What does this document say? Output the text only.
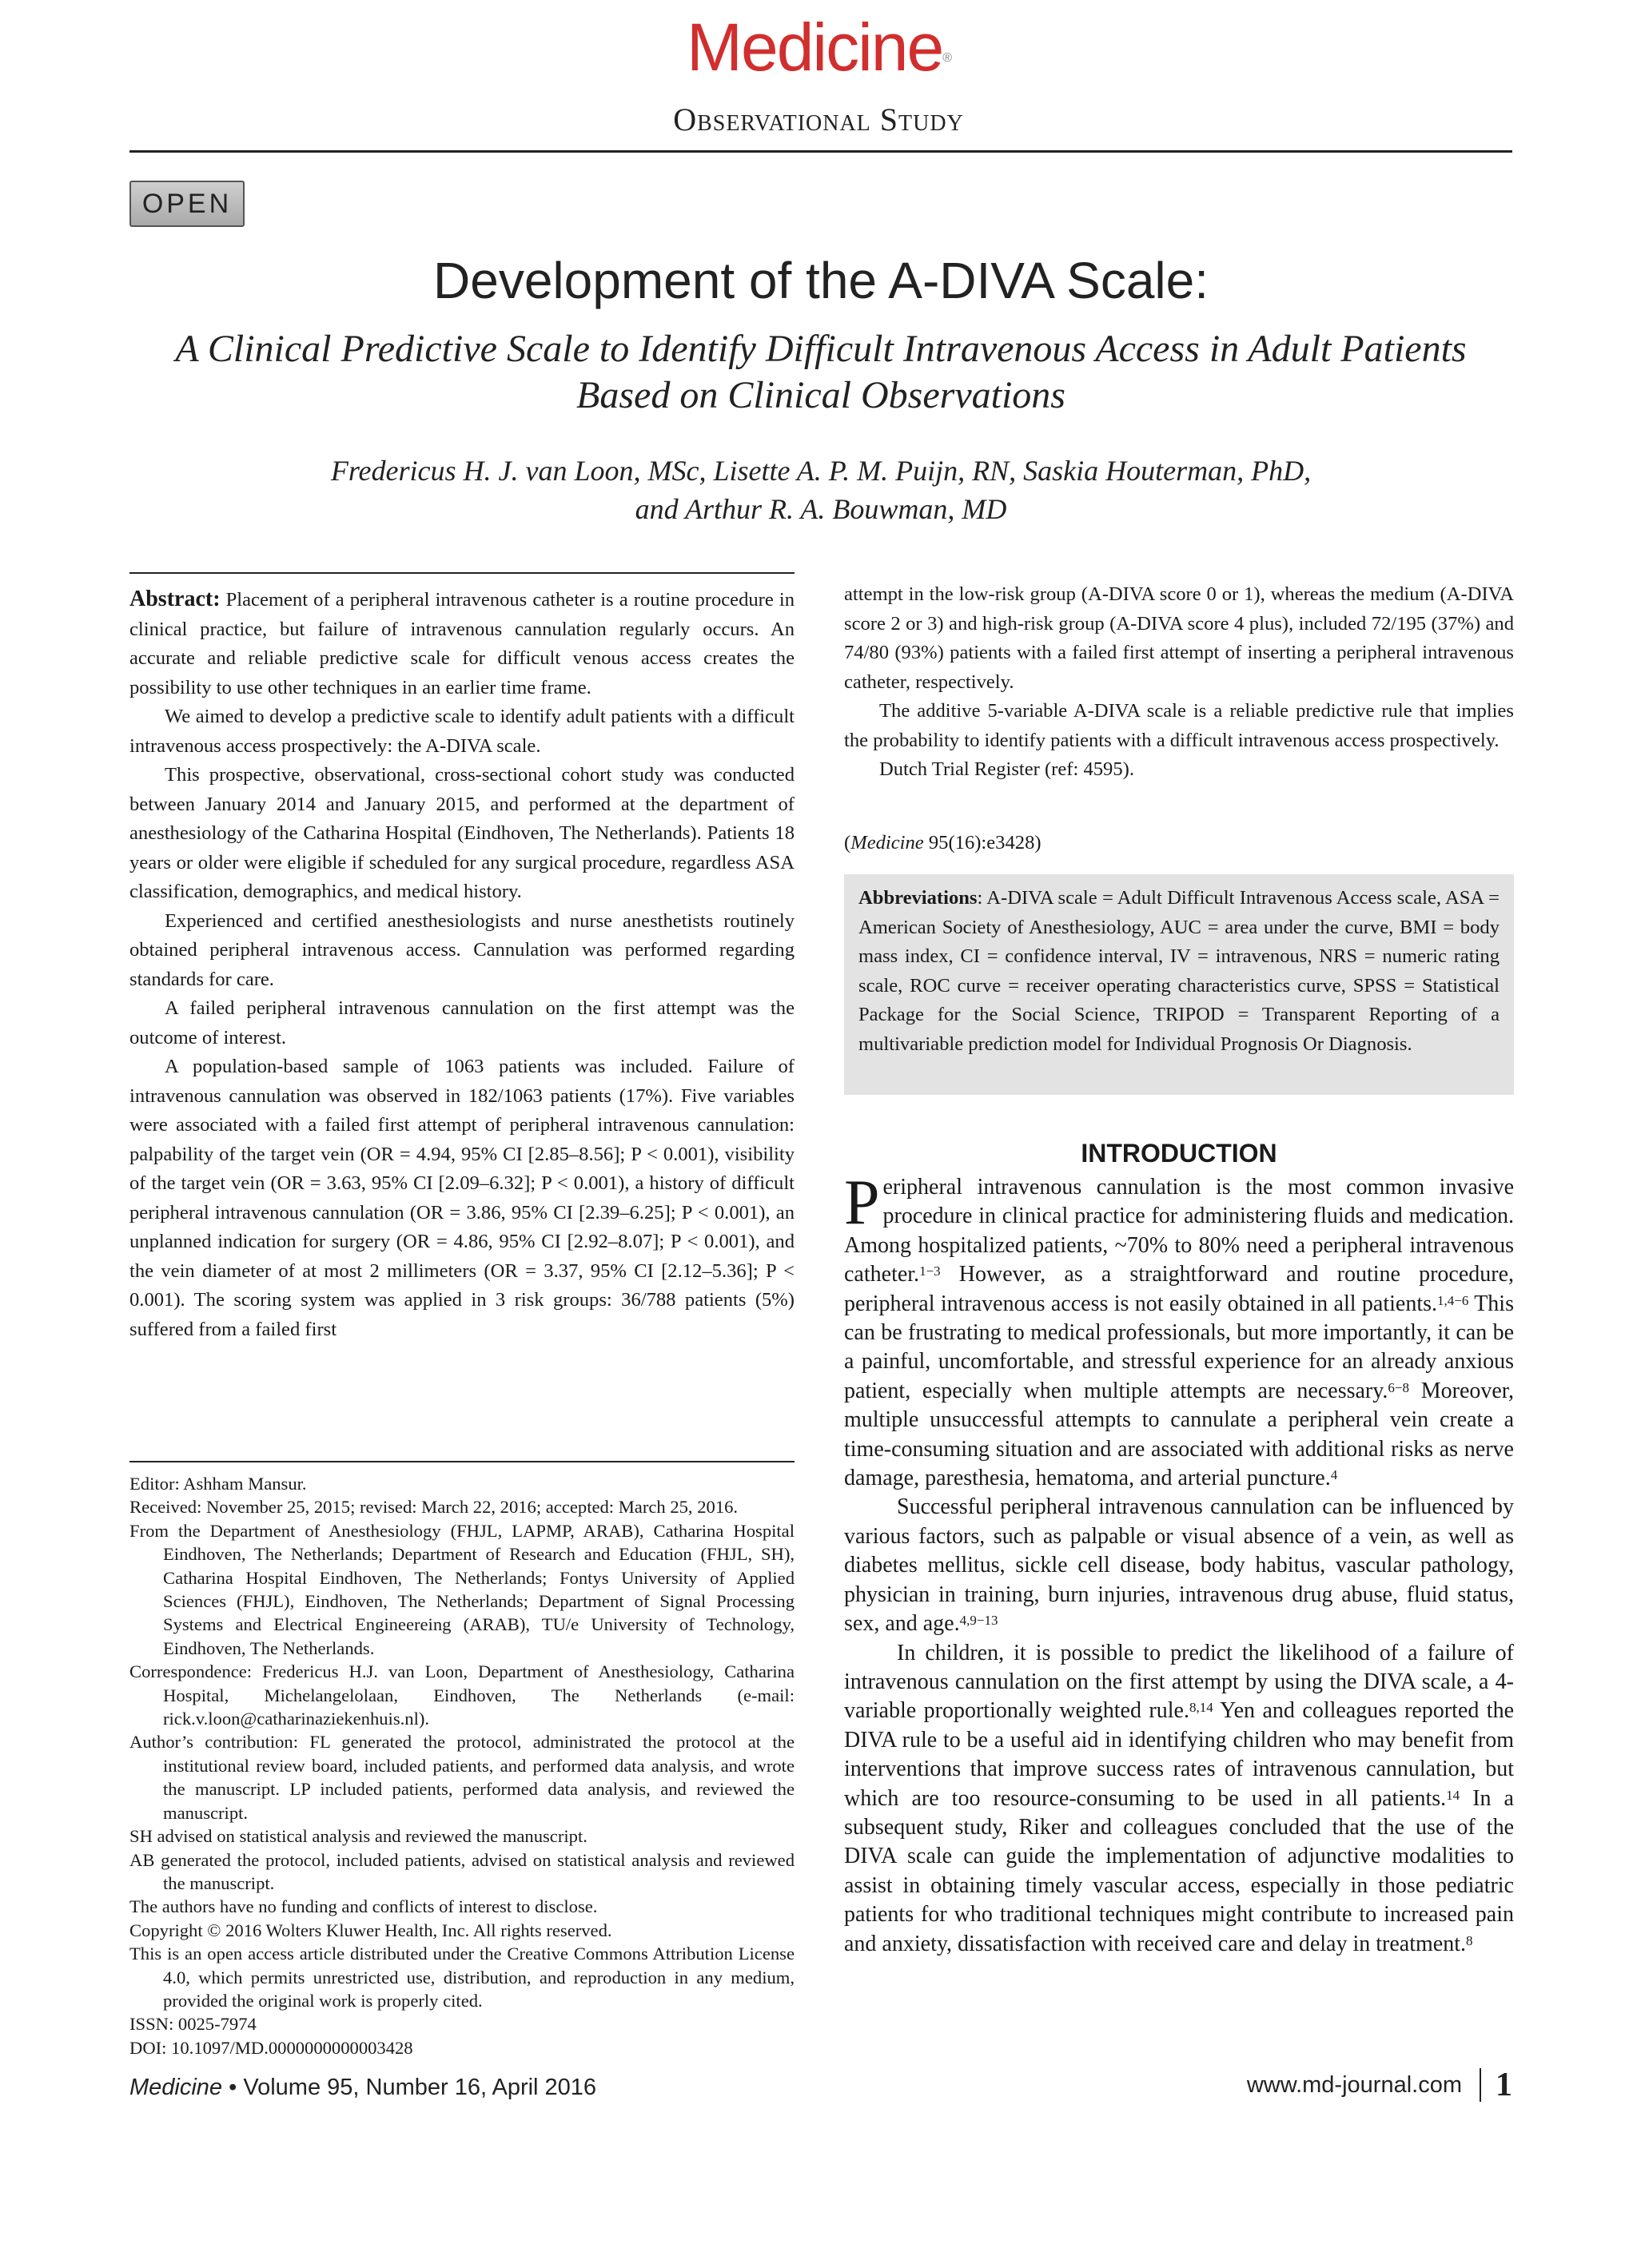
Medicine®
Observational Study
OPEN
Development of the A-DIVA Scale:
A Clinical Predictive Scale to Identify Difficult Intravenous Access in Adult Patients Based on Clinical Observations
Fredericus H. J. van Loon, MSc, Lisette A. P. M. Puijn, RN, Saskia Houterman, PhD,
and Arthur R. A. Bouwman, MD

Abstract: Placement of a peripheral intravenous catheter is a routine procedure in clinical practice, but failure of intravenous cannulation regularly occurs. An accurate and reliable predictive scale for difficult venous access creates the possibility to use other techniques in an earlier time frame.

We aimed to develop a predictive scale to identify adult patients with a difficult intravenous access prospectively: the A-DIVA scale.

This prospective, observational, cross-sectional cohort study was conducted between January 2014 and January 2015, and performed at the department of anesthesiology of the Catharina Hospital (Eindhoven, The Netherlands). Patients 18 years or older were eligible if scheduled for any surgical procedure, regardless ASA classification, demographics, and medical history.

Experienced and certified anesthesiologists and nurse anesthetists routinely obtained peripheral intravenous access. Cannulation was performed regarding standards for care.

A failed peripheral intravenous cannulation on the first attempt was the outcome of interest.

A population-based sample of 1063 patients was included. Failure of intravenous cannulation was observed in 182/1063 patients (17%). Five variables were associated with a failed first attempt of peripheral intravenous cannulation: palpability of the target vein (OR = 4.94, 95% CI [2.85–8.56]; P < 0.001), visibility of the target vein (OR = 3.63, 95% CI [2.09–6.32]; P < 0.001), a history of difficult peripheral intravenous cannulation (OR = 3.86, 95% CI [2.39–6.25]; P < 0.001), an unplanned indication for surgery (OR = 4.86, 95% CI [2.92–8.07]; P < 0.001), and the vein diameter of at most 2 millimeters (OR = 3.37, 95% CI [2.12–5.36]; P < 0.001). The scoring system was applied in 3 risk groups: 36/788 patients (5%) suffered from a failed first

Editor: Ashham Mansur.

Received: November 25, 2015; revised: March 22, 2016; accepted: March 25, 2016.

From the Department of Anesthesiology (FHJL, LAPMP, ARAB), Catharina Hospital Eindhoven, The Netherlands; Department of Research and Education (FHJL, SH), Catharina Hospital Eindhoven, The Netherlands; Fontys University of Applied Sciences (FHJL), Eindhoven, The Netherlands; Department of Signal Processing Systems and Electrical Engineereing (ARAB), TU/e University of Technology, Eindhoven, The Netherlands.

Correspondence: Fredericus H.J. van Loon, Department of Anesthesiology, Catharina Hospital, Michelangelolaan, Eindhoven, The Netherlands (e-mail: rick.v.loon@catharinaziekenhuis.nl).

Author’s contribution: FL generated the protocol, administrated the protocol at the institutional review board, included patients, and performed data analysis, and wrote the manuscript. LP included patients, performed data analysis, and reviewed the manuscript.

SH advised on statistical analysis and reviewed the manuscript.

AB generated the protocol, included patients, advised on statistical analysis and reviewed the manuscript.

The authors have no funding and conflicts of interest to disclose.

Copyright © 2016 Wolters Kluwer Health, Inc. All rights reserved.

This is an open access article distributed under the Creative Commons Attribution License 4.0, which permits unrestricted use, distribution, and reproduction in any medium, provided the original work is properly cited.

ISSN: 0025-7974

DOI: 10.1097/MD.0000000000003428

attempt in the low-risk group (A-DIVA score 0 or 1), whereas the medium (A-DIVA score 2 or 3) and high-risk group (A-DIVA score 4 plus), included 72/195 (37%) and 74/80 (93%) patients with a failed first attempt of inserting a peripheral intravenous catheter, respectively.

The additive 5-variable A-DIVA scale is a reliable predictive rule that implies the probability to identify patients with a difficult intravenous access prospectively.

Dutch Trial Register (ref: 4595).

(Medicine 95(16):e3428)
Abbreviations: A-DIVA scale = Adult Difficult Intravenous Access scale, ASA = American Society of Anesthesiology, AUC = area under the curve, BMI = body mass index, CI = confidence interval, IV = intravenous, NRS = numeric rating scale, ROC curve = receiver operating characteristics curve, SPSS = Statistical Package for the Social Science, TRIPOD = Transparent Reporting of a multivariable prediction model for Individual Prognosis Or Diagnosis.
INTRODUCTION

Peripheral intravenous cannulation is the most common invasive procedure in clinical practice for administering fluids and medication. Among hospitalized patients, ~70% to 80% need a peripheral intravenous catheter.$^{1-3}$ However, as a straightforward and routine procedure, peripheral intravenous access is not easily obtained in all patients.$^{1,4-6}$ This can be frustrating to medical professionals, but more importantly, it can be a painful, uncomfortable, and stressful experience for an already anxious patient, especially when multiple attempts are necessary.$^{6-8}$ Moreover, multiple unsuccessful attempts to cannulate a peripheral vein create a time-consuming situation and are associated with additional risks as nerve damage, paresthesia, hematoma, and arterial puncture.$^4$

Successful peripheral intravenous cannulation can be influenced by various factors, such as palpable or visual absence of a vein, as well as diabetes mellitus, sickle cell disease, body habitus, vascular pathology, physician in training, burn injuries, intravenous drug abuse, fluid status, sex, and age.$^{4,9-13}$

In children, it is possible to predict the likelihood of a failure of intravenous cannulation on the first attempt by using the DIVA scale, a 4-variable proportionally weighted rule.$^{8,14}$ Yen and colleagues reported the DIVA rule to be a useful aid in identifying children who may benefit from interventions that improve success rates of intravenous cannulation, but which are too resource-consuming to be used in all patients.$^{14}$ In a subsequent study, Riker and colleagues concluded that the use of the DIVA scale can guide the implementation of adjunctive modalities to assist in obtaining timely vascular access, especially in those pediatric patients for who traditional techniques might contribute to increased pain and anxiety, dissatisfaction with received care and delay in treatment.$^8$

Medicine • Volume 95, Number 16, April 2016	www.md-journal.com 1
